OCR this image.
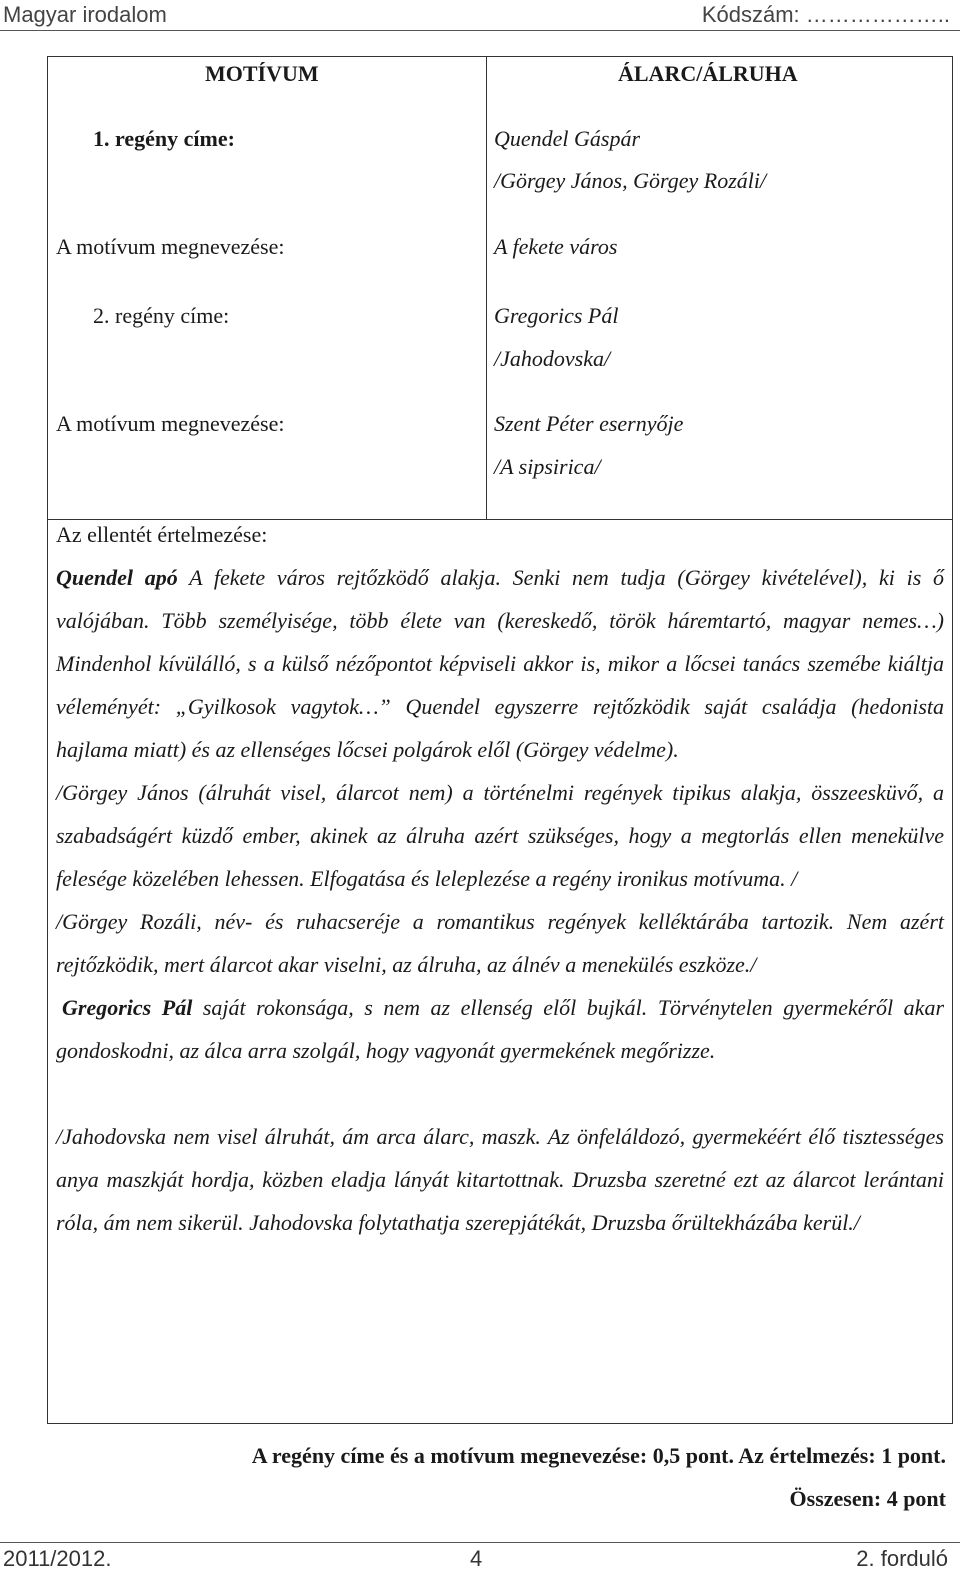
Magyar irodalom	Kódszám: ………………..
MOTÍVUM	ÁLARC/ÁLRUHA
1. regény címe:	Quendel Gáspár
/Görgey János, Görgey Rozáli/
A motívum megnevezése:	A fekete város
2. regény címe:	Gregorics Pál
/Jahodovska/
A motívum megnevezése:	Szent Péter esernyője
/A sipsirica/

Az ellentét értelmezése:

Quendel apó A fekete város rejtőzködő alakja. Senki nem tudja (Görgey kivételével), ki is ő valójában. Több személyisége, több élete van (kereskedő, török háremtartó, magyar nemes…) Mindenhol kívülálló, s a külső nézőpontot képviseli akkor is, mikor a lőcsei tanács szemébe kiáltja véleményét: „Gyilkosok vagytok…” Quendel egyszerre rejtőzködik saját családja (hedonista hajlama miatt) és az ellenséges lőcsei polgárok elől (Görgey védelme).

/Görgey János (álruhát visel, álarcot nem) a történelmi regények tipikus alakja, összeesküvő, a szabadságért küzdő ember, akinek az álruha azért szükséges, hogy a megtorlás ellen menekülve felesége közelében lehessen. Elfogatása és leleplezése a regény ironikus motívuma. /

/Görgey Rozáli, név- és ruhacseréje a romantikus regények kelléktárába tartozik. Nem azért rejtőzködik, mert álarcot akar viselni, az álruha, az álnév a menekülés eszköze./

Gregorics Pál saját rokonsága, s nem az ellenség elől bujkál. Törvénytelen gyermekéről akar gondoskodni, az álca arra szolgál, hogy vagyonát gyermekének megőrizze.

/Jahodovska nem visel álruhát, ám arca álarc, maszk. Az önfeláldozó, gyermekéért élő tisztességes anya maszkját hordja, közben eladja lányát kitartottnak. Druzsba szeretné ezt az álarcot lerántani róla, ám nem sikerül. Jahodovska folytathatja szerepjátékát, Druzsba őrültekházába kerül./

A regény címe és a motívum megnevezése: 0,5 pont. Az értelmezés: 1 pont.
Összesen: 4 pont
2011/2012.	4	2. forduló
